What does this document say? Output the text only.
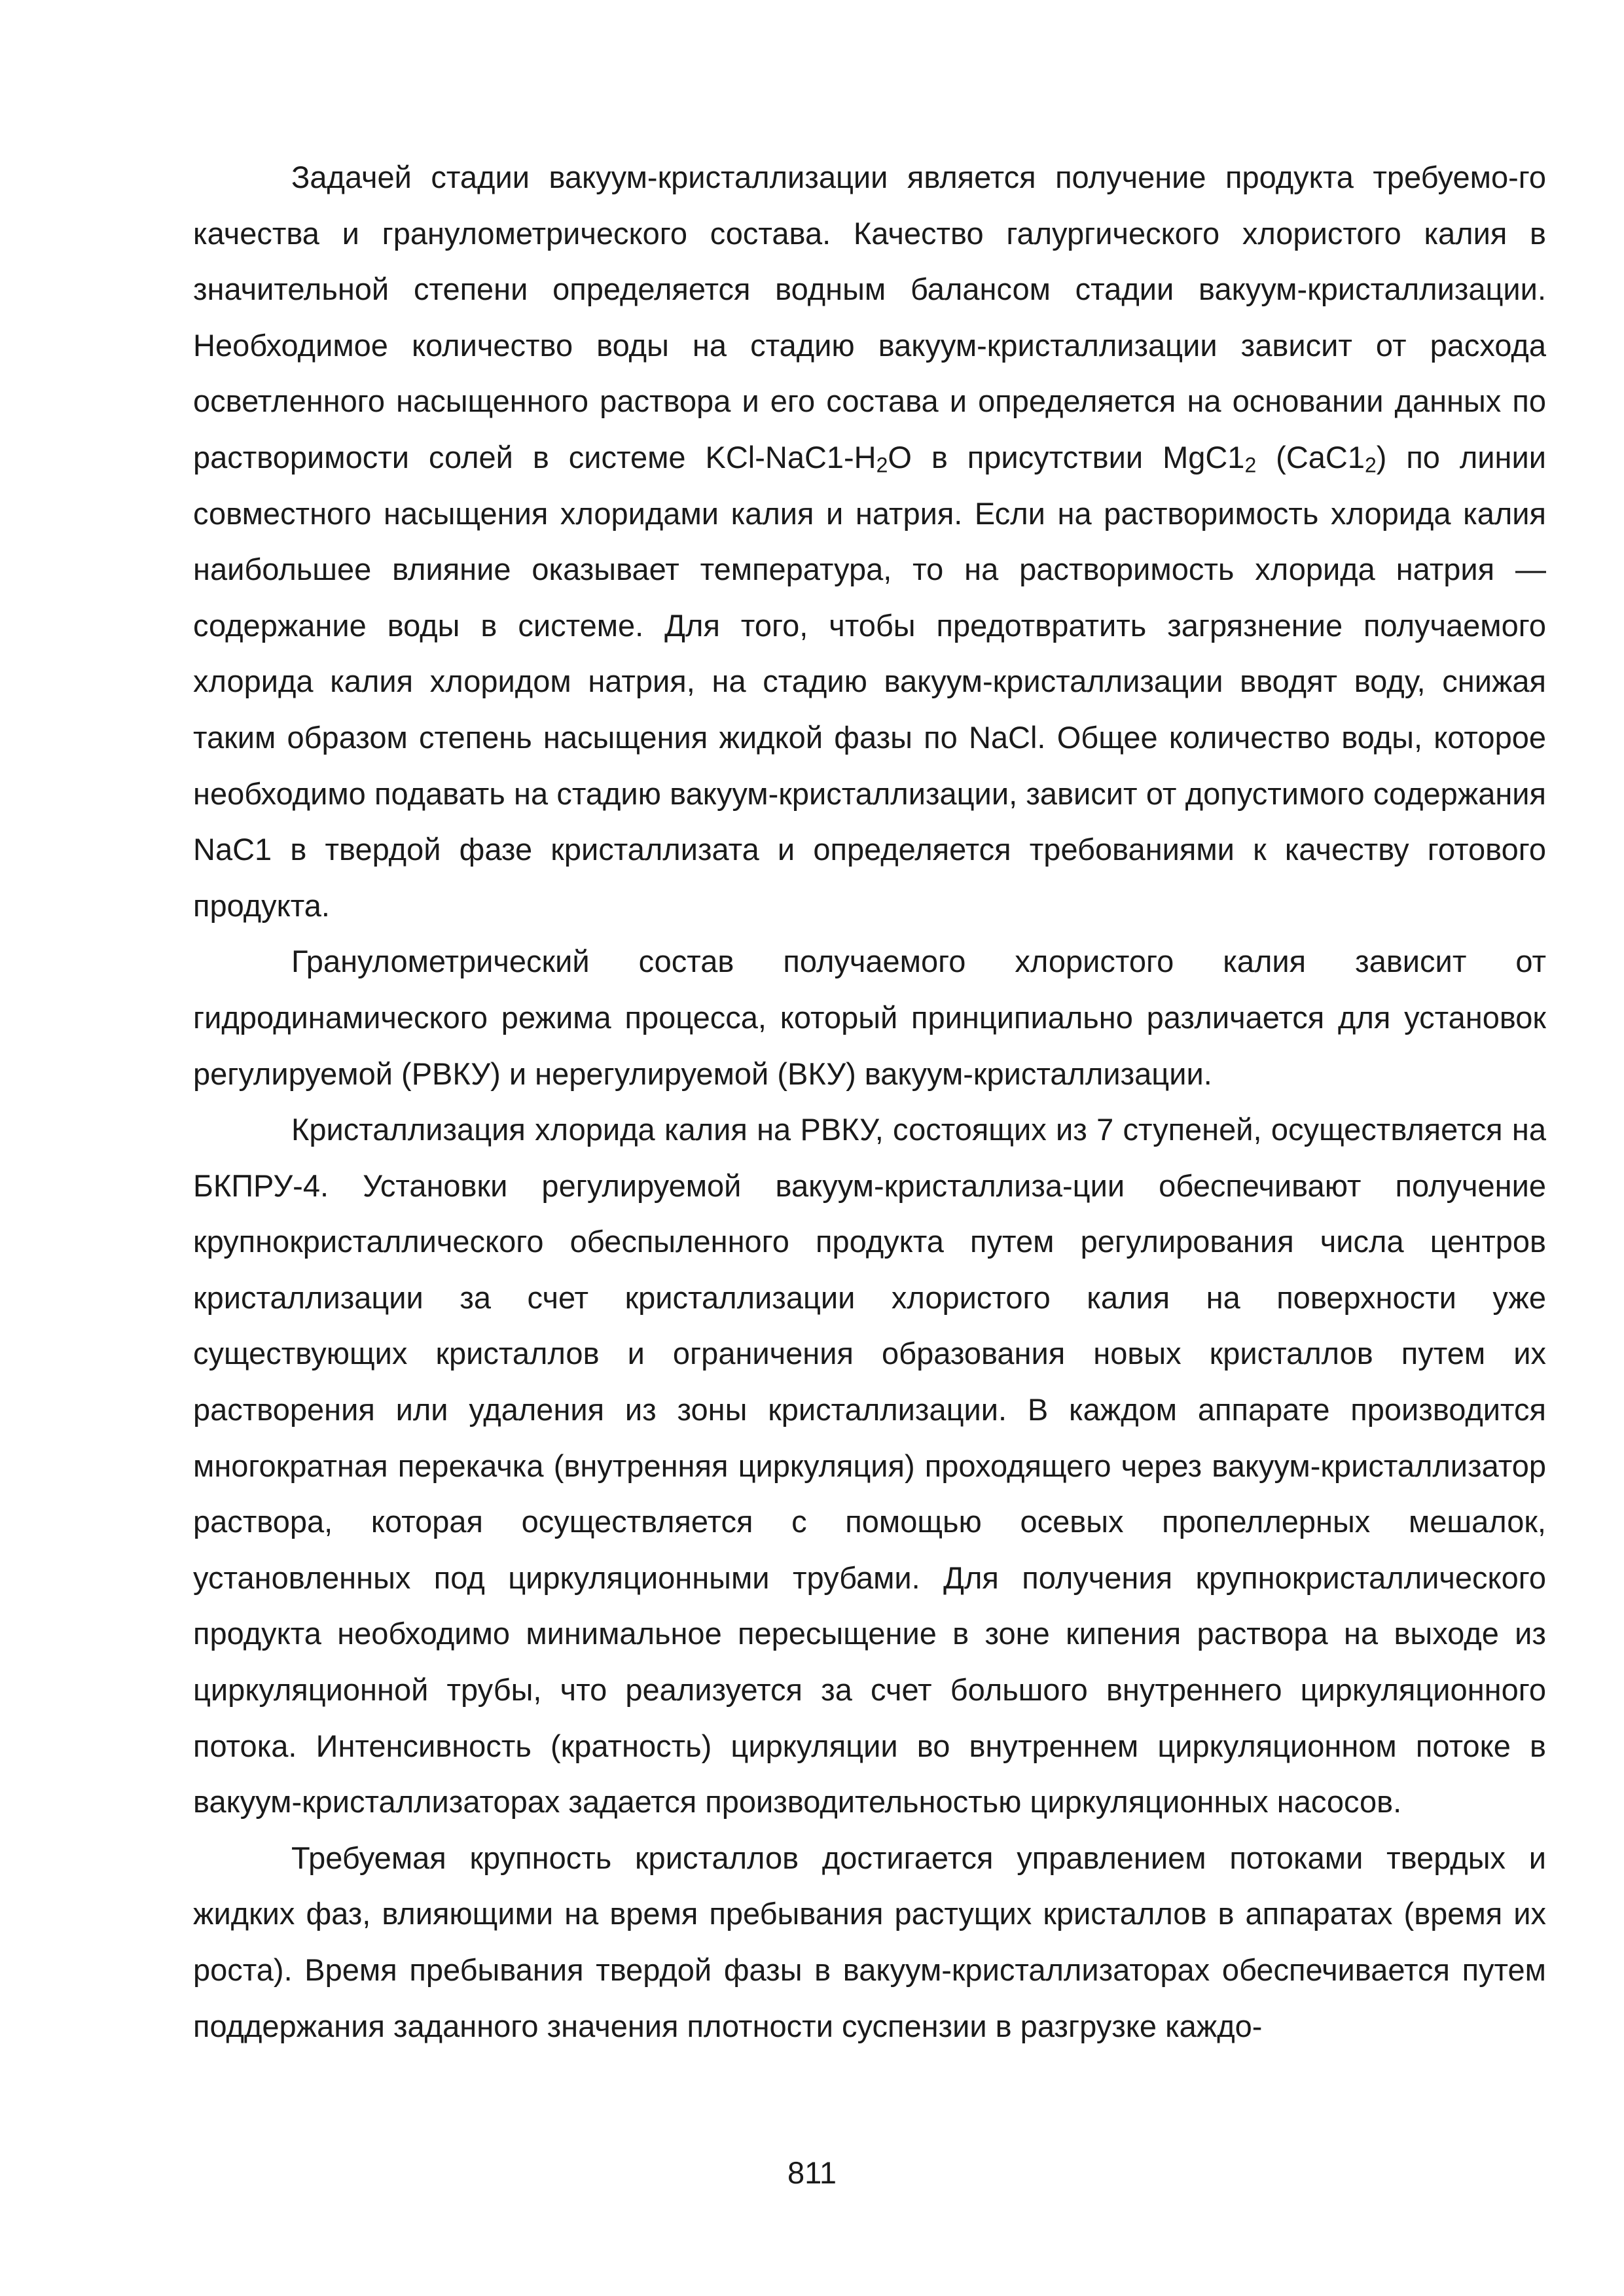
Задачей стадии вакуум-кристаллизации является получение продукта требуемо-го качества и гранулометрического состава. Качество галургического хлористого калия в значительной степени определяется водным балансом стадии вакуум-кристаллизации. Необходимое количество воды на стадию вакуум-кристаллизации зависит от расхода осветленного насыщенного раствора и его состава и определяется на основании данных по растворимости солей в системе KCl-$NaC1-H_2O$ в присутствии $MgC1_2$ $(CaC1_2)$ по линии совместного насыщения хлоридами калия и натрия. Если на растворимость хлорида калия наибольшее влияние оказывает температура, то на растворимость хлорида натрия — содержание воды в системе. Для того, чтобы предотвратить загрязнение получаемого хлорида калия хлоридом натрия, на стадию вакуум-кристаллизации вводят воду, снижая таким образом степень насыщения жидкой фазы по NaCl. Общее количество воды, которое необходимо подавать на стадию вакуум-кристаллизации, зависит от допустимого содержания NaC1 в твердой фазе кристаллизата и определяется требованиями к качеству готового продукта.

Гранулометрический состав получаемого хлористого калия зависит от гидродинамического режима процесса, который принципиально различается для установок регулируемой (РВКУ) и нерегулируемой (ВКУ) вакуум-кристаллизации.

Кристаллизация хлорида калия на РВКУ, состоящих из 7 ступеней, осуществляется на БКПРУ-4. Установки регулируемой вакуум-кристаллиза-ции обеспечивают получение крупнокристаллического обеспыленного продукта путем регулирования числа центров кристаллизации за счет кристаллизации хлористого калия на поверхности уже существующих кристаллов и ограничения образования новых кристаллов путем их растворения или удаления из зоны кристаллизации. В каждом аппарате производится многократная перекачка (внутренняя циркуляция) проходящего через вакуум-кристаллизатор раствора, которая осуществляется с помощью осевых пропеллерных мешалок, установленных под циркуляционными трубами. Для получения крупнокристаллического продукта необходимо минимальное пересыщение в зоне кипения раствора на выходе из циркуляционной трубы, что реализуется за счет большого внутреннего циркуляционного потока. Интенсивность (кратность) циркуляции во внутреннем циркуляционном потоке в вакуум-кристаллизаторах задается производительностью циркуляционных насосов.

Требуемая крупность кристаллов достигается управлением потоками твердых и жидких фаз, влияющими на время пребывания растущих кристаллов в аппаратах (время их роста). Время пребывания твердой фазы в вакуум-кристаллизаторах обеспечивается путем поддержания заданного значения плотности суспензии в разгрузке каждо-

811
